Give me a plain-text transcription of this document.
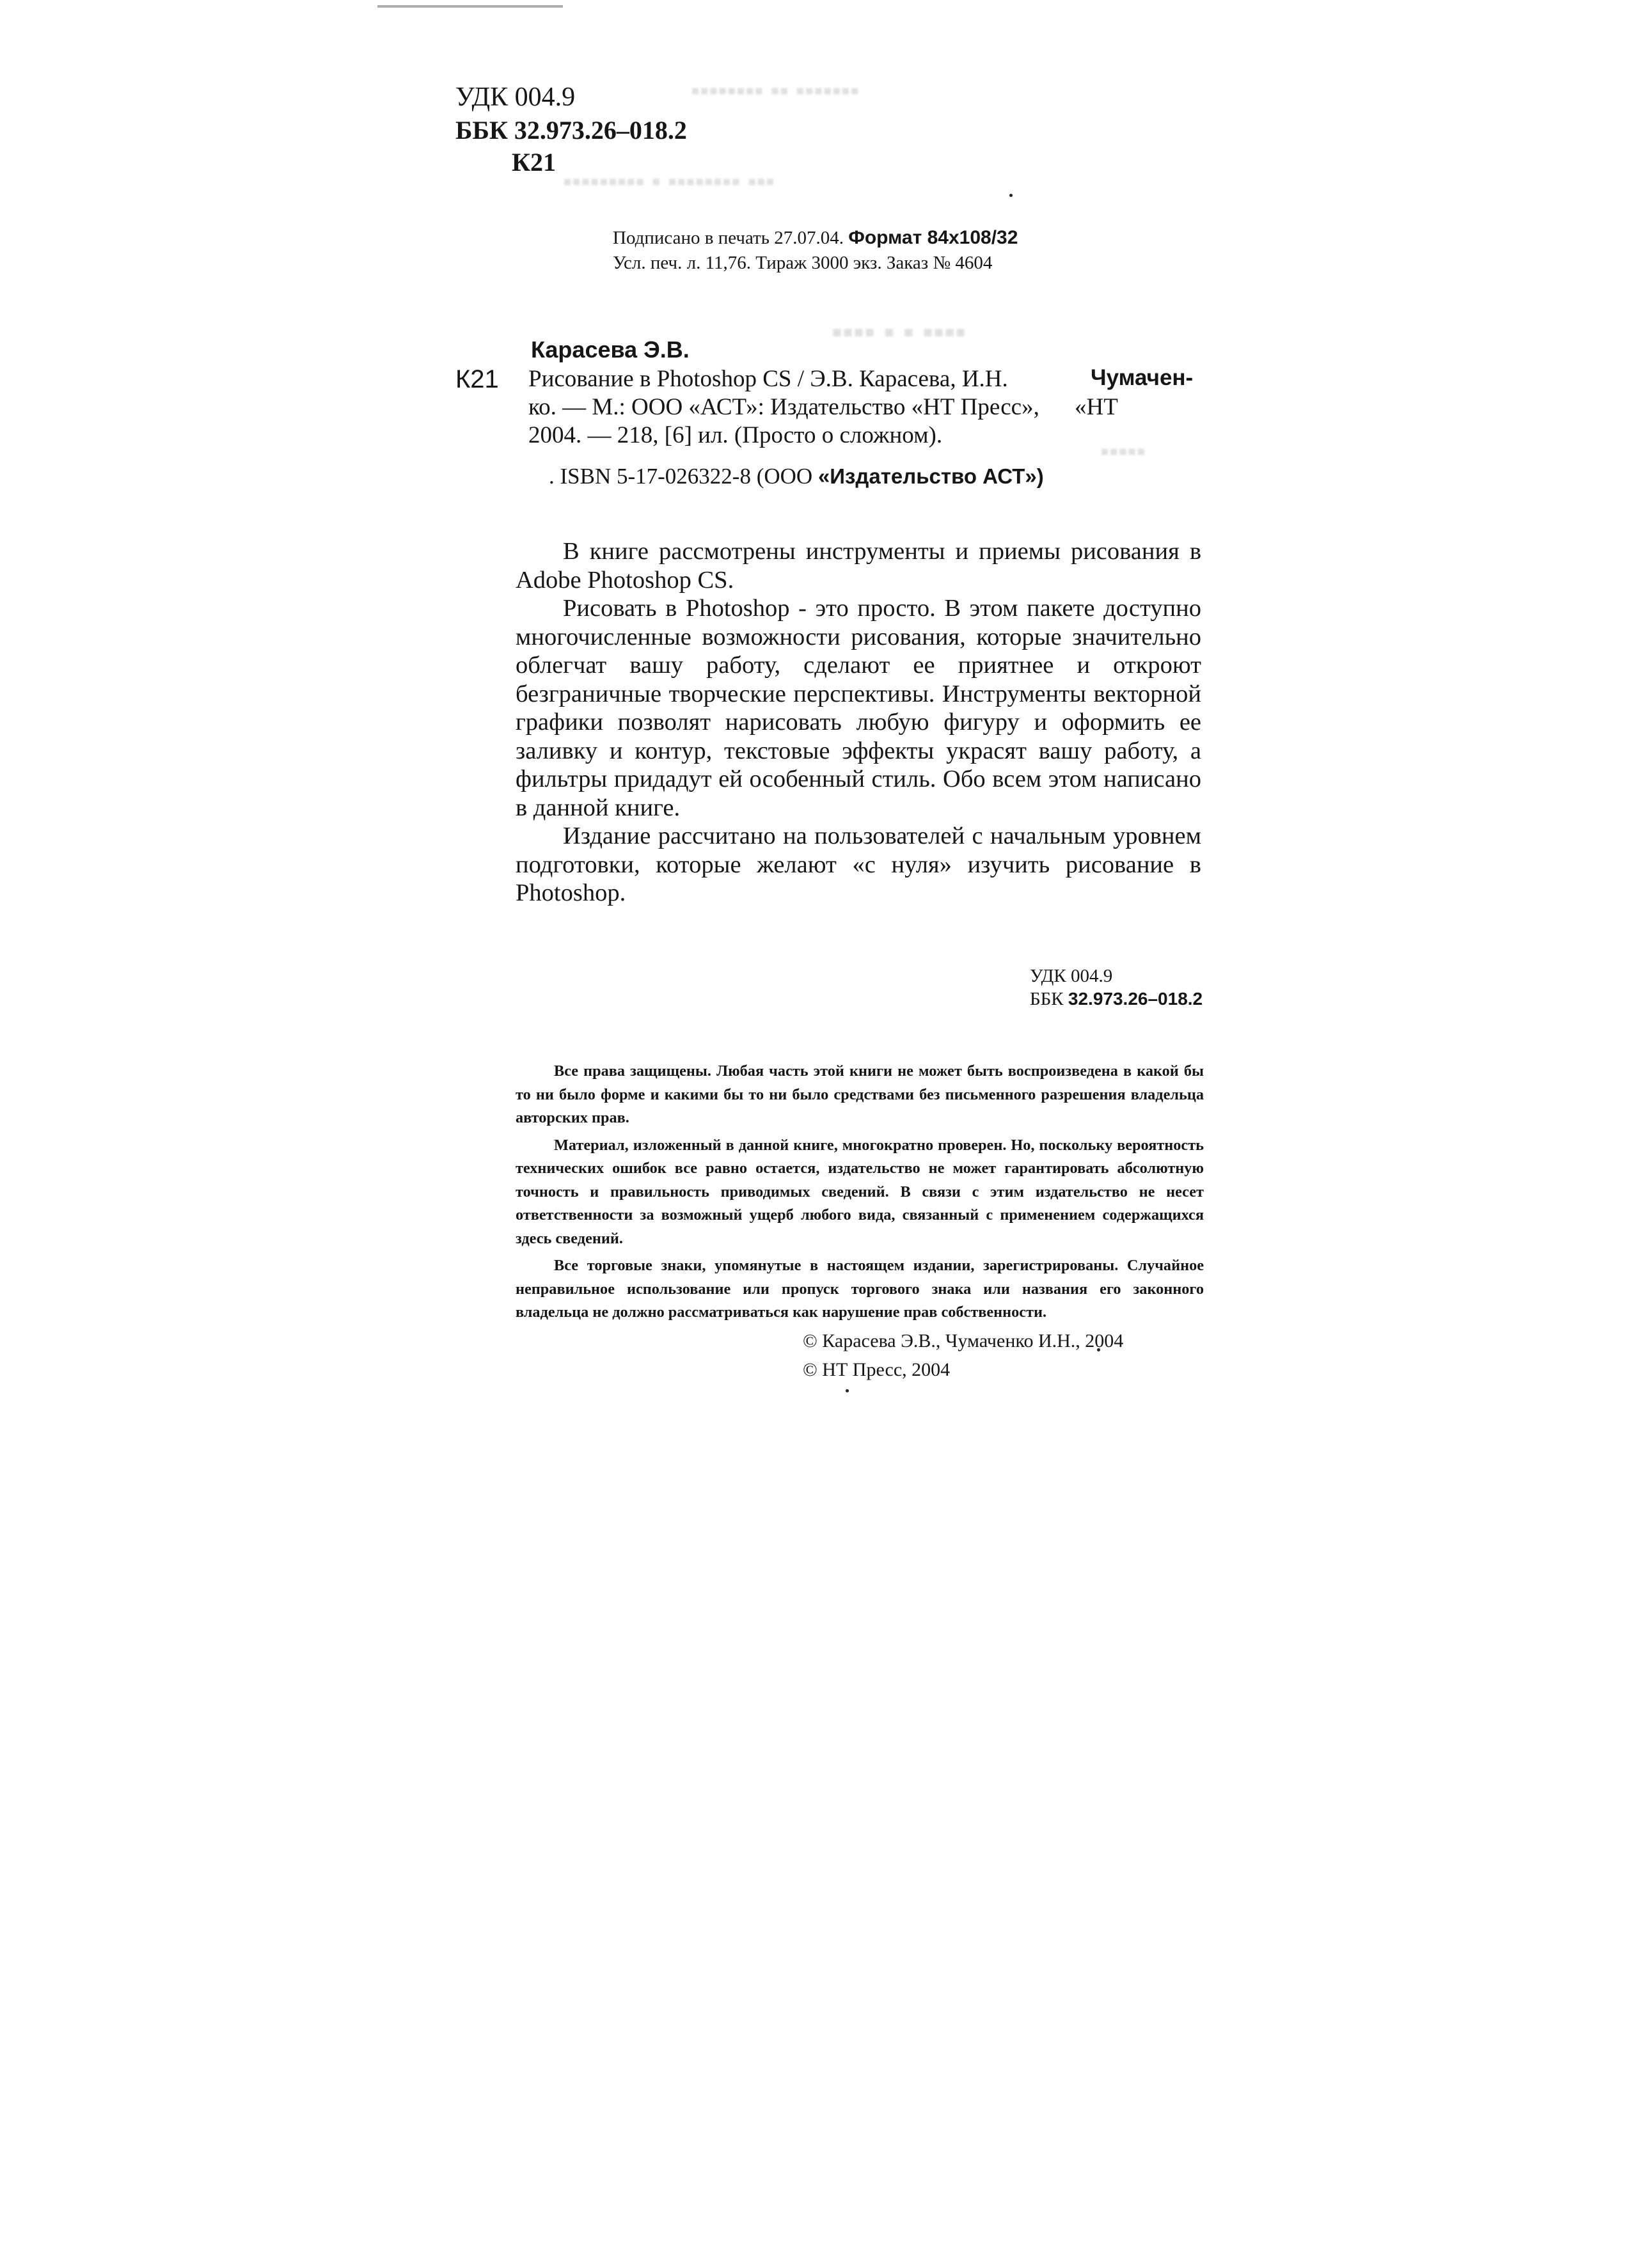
▪▪▪▪▪▪▪▪ ▪▪ ▪▪▪▪▪▪▪
▪▪▪▪▪▪▪▪▪ ▪ ▪▪▪▪▪▪▪▪ ▪▪▪
▪▪▪▪ ▪ ▪ ▪▪▪▪
▪▪▪▪▪
УДК 004.9
ББК 32.973.26–018.2
К21
Подписано в печать 27.07.04. Формат 84х108/32
Усл. печ. л. 11,76. Тираж 3000 экз. Заказ № 4604
Карасева Э.В.
К21 Рисование в Photoshop CS / Э.В. Карасева, И.Н.	Чумачен-
ко. — М.: ООО «АСТ»: Издательство «НТ Пресс», «НТ
2004. — 218, [6] ил. (Просто о сложном).
. ISBN 5-17-026322-8 (ООО «Издательство АСТ»)

В книге рассмотрены инструменты и приемы рисования в Adobe Photoshop CS.

Рисовать в Photoshop - это просто. В этом пакете доступно многочисленные возможности рисования, которые значительно облегчат вашу работу, сделают ее приятнее и откроют безграничные творческие перспективы. Инструменты векторной графики позволят нарисовать любую фигуру и оформить ее заливку и контур, текстовые эффекты украсят вашу работу, а фильтры придадут ей особенный стиль. Обо всем этом написано в данной книге.

Издание рассчитано на пользователей с начальным уровнем подготовки, которые желают «с нуля» изучить рисование в Photoshop.

УДК 004.9
ББК 32.973.26–018.2

Все права защищены. Любая часть этой книги не может быть воспроизведена в какой бы то ни было форме и какими бы то ни было средствами без письменного разрешения владельца авторских прав.

Материал, изложенный в данной книге, многократно проверен. Но, поскольку вероятность технических ошибок все равно остается, издательство не может гарантировать абсолютную точность и правильность приводимых сведений. В связи с этим издательство не несет ответственности за возможный ущерб любого вида, связанный с применением содержащихся здесь сведений.

Все торговые знаки, упомянутые в настоящем издании, зарегистрированы. Случайное неправильное использование или пропуск торгового знака или названия его законного владельца не должно рассматриваться как нарушение прав собственности.

© Карасева Э.В., Чумаченко И.Н., 2004
© НТ Пресс, 2004
